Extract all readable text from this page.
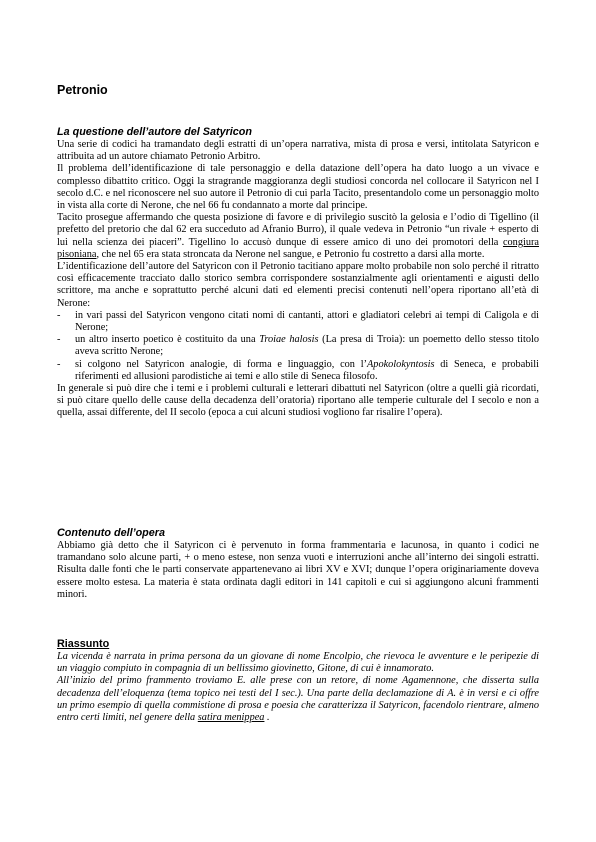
Petronio
La questione dell’autore del Satyricon

Una serie di codici ha tramandato degli estratti di un’opera narrativa, mista di prosa e versi, intitolata Satyricon e attribuita ad un autore chiamato Petronio Arbitro.

Il problema dell’identificazione di tale personaggio e della datazione dell’opera ha dato luogo a un vivace e complesso dibattito critico. Oggi la stragrande maggioranza degli studiosi concorda nel collocare il Satyricon nel I secolo d.C. e nel riconoscere nel suo autore il Petronio di cui parla Tacito, presentandolo come un personaggio molto in vista alla corte di Nerone, che nel 66 fu condannato a morte dal principe.

Tacito prosegue affermando che questa posizione di favore e di privilegio suscitò la gelosia e l’odio di Tigellino (il prefetto del pretorio che dal 62 era succeduto ad Afranio Burro), il quale vedeva in Petronio “un rivale + esperto di lui nella scienza dei piaceri”. Tigellino lo accusò dunque di essere amico di uno dei promotori della congiura pisoniana, che nel 65 era stata stroncata da Nerone nel sangue, e Petronio fu costretto a darsi alla morte.

L’identificazione dell’autore del Satyricon con il Petronio tacitiano appare molto probabile non solo perché il ritratto così efficacemente tracciato dallo storico sembra corrispondere sostanzialmente agli orientamenti e aigusti dello scrittore, ma anche e soprattutto perché alcuni dati ed elementi precisi contenuti nell’opera riportano all’età di Nerone:

- in vari passi del Satyricon vengono citati nomi di cantanti, attori e gladiatori celebri ai tempi di Caligola e di Nerone;
- un altro inserto poetico è costituito da una Troiae halosis (La presa di Troia): un poemetto dello stesso titolo aveva scritto Nerone;
- si colgono nel Satyricon analogie, di forma e linguaggio, con l’Apokolokyntosis di Seneca, e probabili riferimenti ed allusioni parodistiche ai temi e allo stile di Seneca filosofo.

In generale si può dire che i temi e i problemi culturali e letterari dibattuti nel Satyricon (oltre a quelli già ricordati, si può citare quello delle cause della decadenza dell’oratoria) riportano alle temperie culturale del I secolo e non a quella, assai differente, del II secolo (epoca a cui alcuni studiosi vogliono far risalire l’opera).

Contenuto dell’opera

Abbiamo già detto che il Satyricon ci è pervenuto in forma frammentaria e lacunosa, in quanto i codici ne tramandano solo alcune parti, + o meno estese, non senza vuoti e interruzioni anche all’interno dei singoli estratti. Risulta dalle fonti che le parti conservate appartenevano ai libri XV e XVI; dunque l’opera originariamente doveva essere molto estesa. La materia è stata ordinata dagli editori in 141 capitoli e cui si aggiungono alcuni frammenti minori.

Riassunto

La vicenda è narrata in prima persona da un giovane di nome Encolpio, che rievoca le avventure e le peripezie di un viaggio compiuto in compagnia di un bellissimo giovinetto, Gitone, di cui è innamorato.

All’inizio del primo frammento troviamo E. alle prese con un retore, di nome Agamennone, che disserta sulla decadenza dell’eloquenza (tema topico nei testi del I sec.). Una parte della declamazione di A. è in versi e ci offre un primo esempio di quella commistione di prosa e poesia che caratterizza il Satyricon, facendolo rientrare, almeno entro certi limiti, nel genere della satira menippea .
